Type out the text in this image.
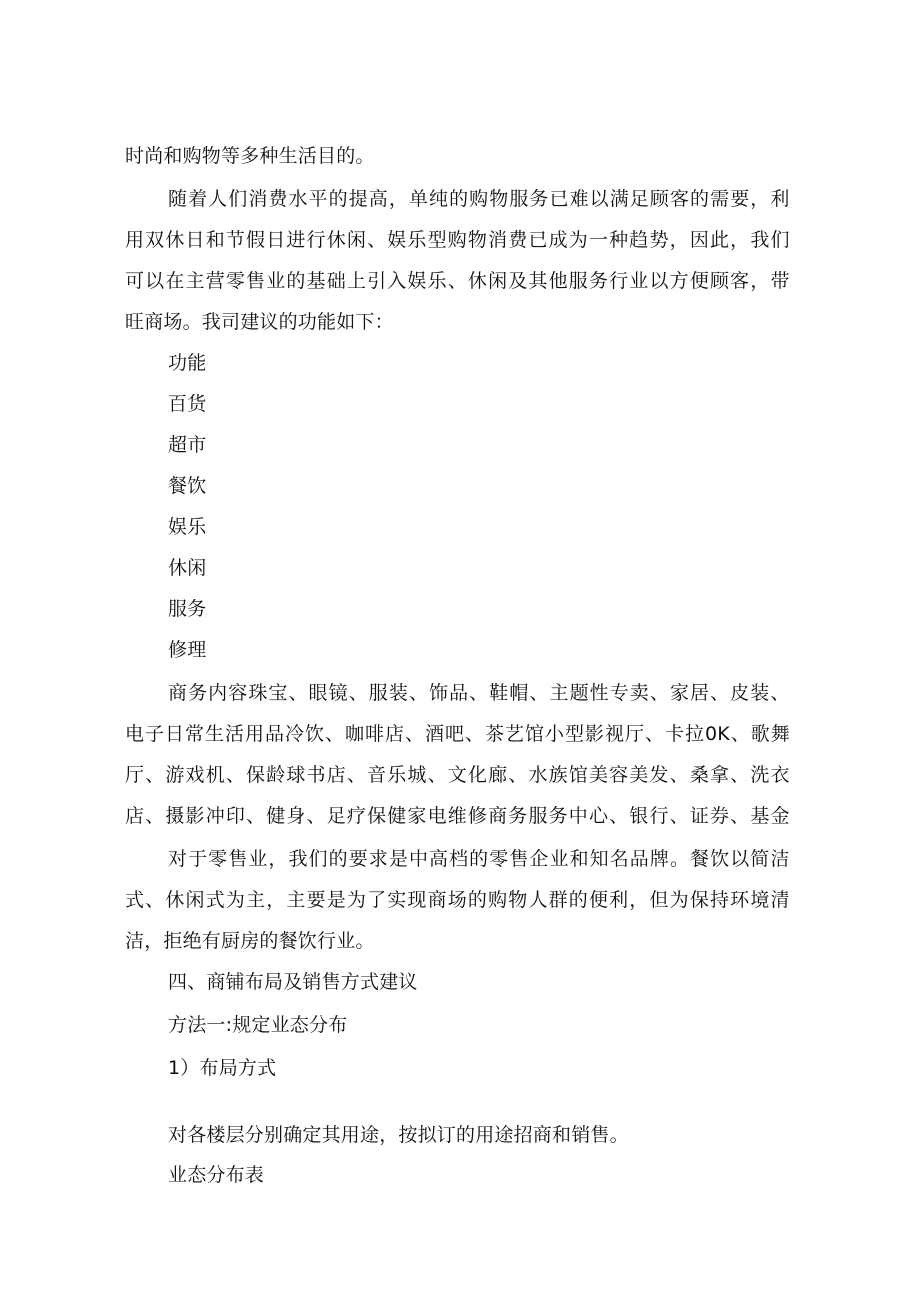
时尚和购物等多种生活目的。
随 着 人 们 消 费 水 平 的 提 高 ， 单 纯 的 购 物 服 务 已 难 以 满 足 顾 客 的 需 要 ， 利
用 双 休 日 和 节 假 日 进 行 休 闲 、 娱 乐 型 购 物 消 费 已 成 为 一 种 趋 势 ， 因 此 ， 我 们
可 以 在 主 营 零 售 业 的 基 础 上 引 入 娱 乐 、 休 闲 及 其 他 服 务 行 业 以 方 便 顾 客 ， 带
旺商场。我司建议的功能如下：
功能
百货
超市
餐饮
娱乐
休闲
服务
修理
商 务 内 容 珠 宝 、 眼 镜 、 服 装 、 饰 品 、 鞋 帽 、 主 题 性 专 卖 、 家 居 、 皮 装 、
电 子 日 常 生 活 用 品 冷 饮 、 咖 啡 店 、 酒 吧 、 茶 艺 馆 小 型 影 视 厅 、 卡 拉 0K 、 歌 舞
厅 、 游 戏 机 、 保 龄 球 书 店 、 音 乐 城 、 文 化 廊 、 水 族 馆 美 容 美 发 、 桑 拿 、 洗 衣
店 、 摄 影 冲 印 、 健 身 、 足 疗 保 健 家 电 维 修 商 务 服 务 中 心 、 银 行 、 证 券 、 基 金
对 于 零 售 业 ， 我 们 的 要 求 是 中 高 档 的 零 售 企 业 和 知 名 品 牌 。 餐 饮 以 简 洁
式 、 休 闲 式 为 主 ， 主 要 是 为 了 实 现 商 场 的 购 物 人 群 的 便 利 ， 但 为 保 持 环 境 清
洁，拒绝有厨房的餐饮行业。
四、商铺布局及销售方式建议
方法一:规定业态分布
1）布局方式
对各楼层分别确定其用途，按拟订的用途招商和销售。
业态分布表
